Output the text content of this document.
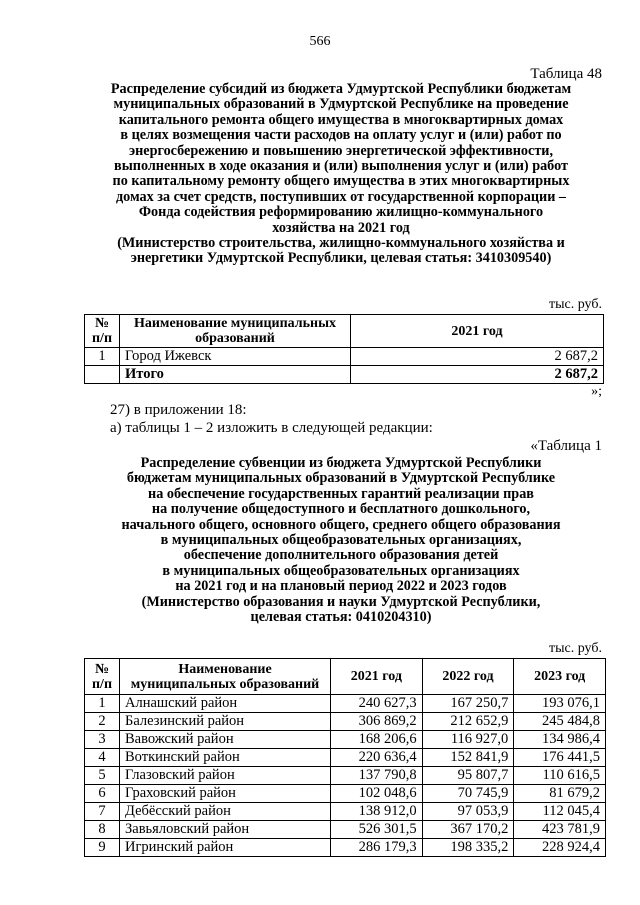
566
Таблица 48
Распределение субсидий из бюджета Удмуртской Республики бюджетам
муниципальных образований в Удмуртской Республике на проведение
капитального ремонта общего имущества в многоквартирных домах
в целях возмещения части расходов на оплату услуг и (или) работ по
энергосбережению и повышению энергетической эффективности,
выполненных в ходе оказания и (или) выполнения услуг и (или) работ
по капитальному ремонту общего имущества в этих многоквартирных
домах за счет средств, поступивших от государственной корпорации –
Фонда содействия реформированию жилищно-коммунального
хозяйства на 2021 год
(Министерство строительства, жилищно-коммунального хозяйства и
энергетики Удмуртской Республики, целевая статья: 3410309540)
тыс. руб.
№ п/п	Наименование муниципальных образований	2021 год
1	Город Ижевск	2 687,2
	Итого	2 687,2
»;
27) в приложении 18:
а) таблицы 1 – 2 изложить в следующей редакции:
«Таблица 1
Распределение субвенции из бюджета Удмуртской Республики
бюджетам муниципальных образований в Удмуртской Республике
на обеспечение государственных гарантий реализации прав
на получение общедоступного и бесплатного дошкольного,
начального общего, основного общего, среднего общего образования
в муниципальных общеобразовательных организациях,
обеспечение дополнительного образования детей
в муниципальных общеобразовательных организациях
на 2021 год и на плановый период 2022 и 2023 годов
(Министерство образования и науки Удмуртской Республики,
целевая статья: 0410204310)
тыс. руб.
№ п/п	Наименование муниципальных образований	2021 год	2022 год	2023 год
1	Алнашский район	240 627,3	167 250,7	193 076,1
2	Балезинский район	306 869,2	212 652,9	245 484,8
3	Вавожский район	168 206,6	116 927,0	134 986,4
4	Воткинский район	220 636,4	152 841,9	176 441,5
5	Глазовский район	137 790,8	95 807,7	110 616,5
6	Граховский район	102 048,6	70 745,9	81 679,2
7	Дебёсский район	138 912,0	97 053,9	112 045,4
8	Завьяловский район	526 301,5	367 170,2	423 781,9
9	Игринский район	286 179,3	198 335,2	228 924,4
